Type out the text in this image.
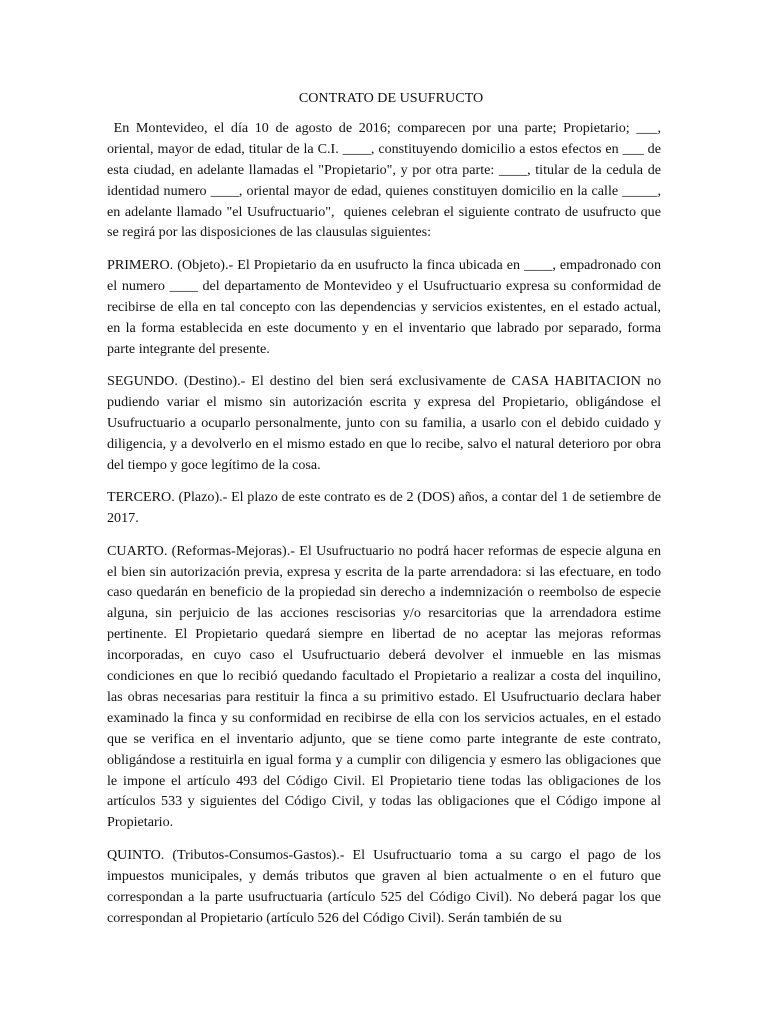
CONTRATO DE USUFRUCTO

En Montevideo, el día 10 de agosto de 2016; comparecen por una parte; Propietario; ___, oriental, mayor de edad, titular de la C.I. ____, constituyendo domicilio a estos efectos en ___ de esta ciudad, en adelante llamadas el "Propietario", y por otra parte: ____, titular de la cedula de identidad numero ____, oriental mayor de edad, quienes constituyen domicilio en la calle _____, en adelante llamado "el Usufructuario",  quienes celebran el siguiente contrato de usufructo que se regirá por las disposiciones de las clausulas siguientes:

PRIMERO. (Objeto).- El Propietario da en usufructo la finca ubicada en ____, empadronado con el numero ____ del departamento de Montevideo y el Usufructuario expresa su conformidad de recibirse de ella en tal concepto con las dependencias y servicios existentes, en el estado actual, en la forma establecida en este documento y en el inventario que labrado por separado, forma parte integrante del presente.

SEGUNDO. (Destino).- El destino del bien será exclusivamente de CASA HABITACION no pudiendo variar el mismo sin autorización escrita y expresa del Propietario, obligándose el Usufructuario a ocuparlo personalmente, junto con su familia, a usarlo con el debido cuidado y diligencia, y a devolverlo en el mismo estado en que lo recibe, salvo el natural deterioro por obra del tiempo y goce legítimo de la cosa.

TERCERO. (Plazo).- El plazo de este contrato es de 2 (DOS) años, a contar del 1 de setiembre de 2017.

CUARTO. (Reformas-Mejoras).- El Usufructuario no podrá hacer reformas de especie alguna en el bien sin autorización previa, expresa y escrita de la parte arrendadora: si las efectuare, en todo caso quedarán en beneficio de la propiedad sin derecho a indemnización o reembolso de especie alguna, sin perjuicio de las acciones rescisorias y/o resarcitorias que la arrendadora estime pertinente. El Propietario quedará siempre en libertad de no aceptar las mejoras reformas incorporadas, en cuyo caso el Usufructuario deberá devolver el inmueble en las mismas condiciones en que lo recibió quedando facultado el Propietario a realizar a costa del inquilino, las obras necesarias para restituir la finca a su primitivo estado. El Usufructuario declara haber examinado la finca y su conformidad en recibirse de ella con los servicios actuales, en el estado que se verifica en el inventario adjunto, que se tiene como parte integrante de este contrato, obligándose a restituirla en igual forma y a cumplir con diligencia y esmero las obligaciones que le impone el artículo 493 del Código Civil. El Propietario tiene todas las obligaciones de los artículos 533 y siguientes del Código Civil, y todas las obligaciones que el Código impone al Propietario.

QUINTO. (Tributos-Consumos-Gastos).- El Usufructuario toma a su cargo el pago de los impuestos municipales, y demás tributos que graven al bien actualmente o en el futuro que correspondan a la parte usufructuaria (artículo 525 del Código Civil). No deberá pagar los que correspondan al Propietario (artículo 526 del Código Civil). Serán también de su
